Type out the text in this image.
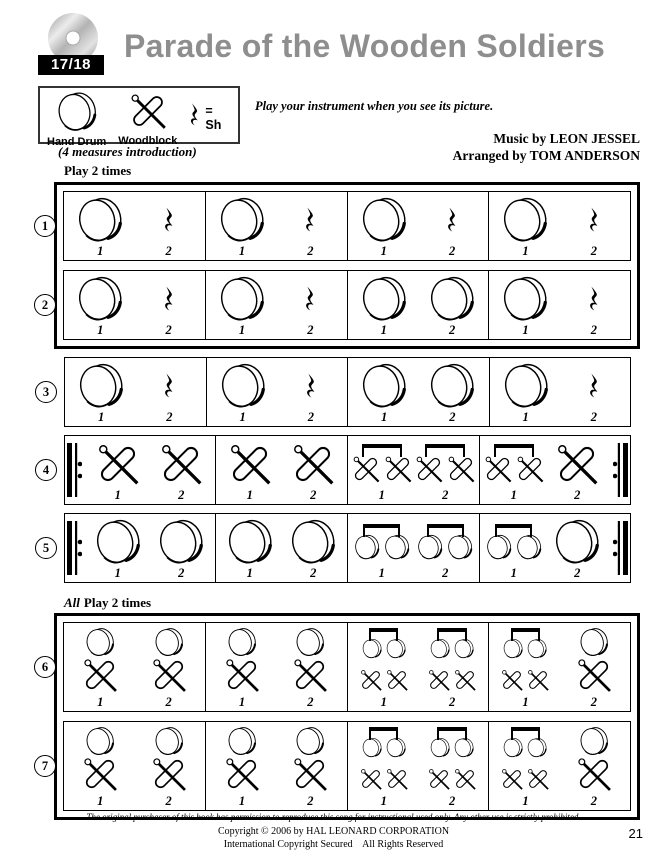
17/18
Parade of the Wooden Soldiers
Hand Drum Woodblock
= Sh
Play your instrument when you see its picture.
Music by LEON JESSEL
Arranged by TOM ANDERSON
(4 measures introduction)
Play 2 times
1
1	2	1	2	1	2	1	2
2
1	2	1	2	1	2	1	2
3
1	2	1	2	1	2	1	2
4
1	2	1	2	1	2	1	2
5
1	2	1	2	1	2	1	2
All Play 2 times
6
1	2	1	2	1	2	1	2
7
1	2	1	2	1	2	1	2
The original purchaser of this book has permission to reproduce this song for instructional used only. Any other use is strictly prohibited.
Copyright © 2006 by HAL LEONARD CORPORATION
International Copyright Secured    All Rights Reserved
21
